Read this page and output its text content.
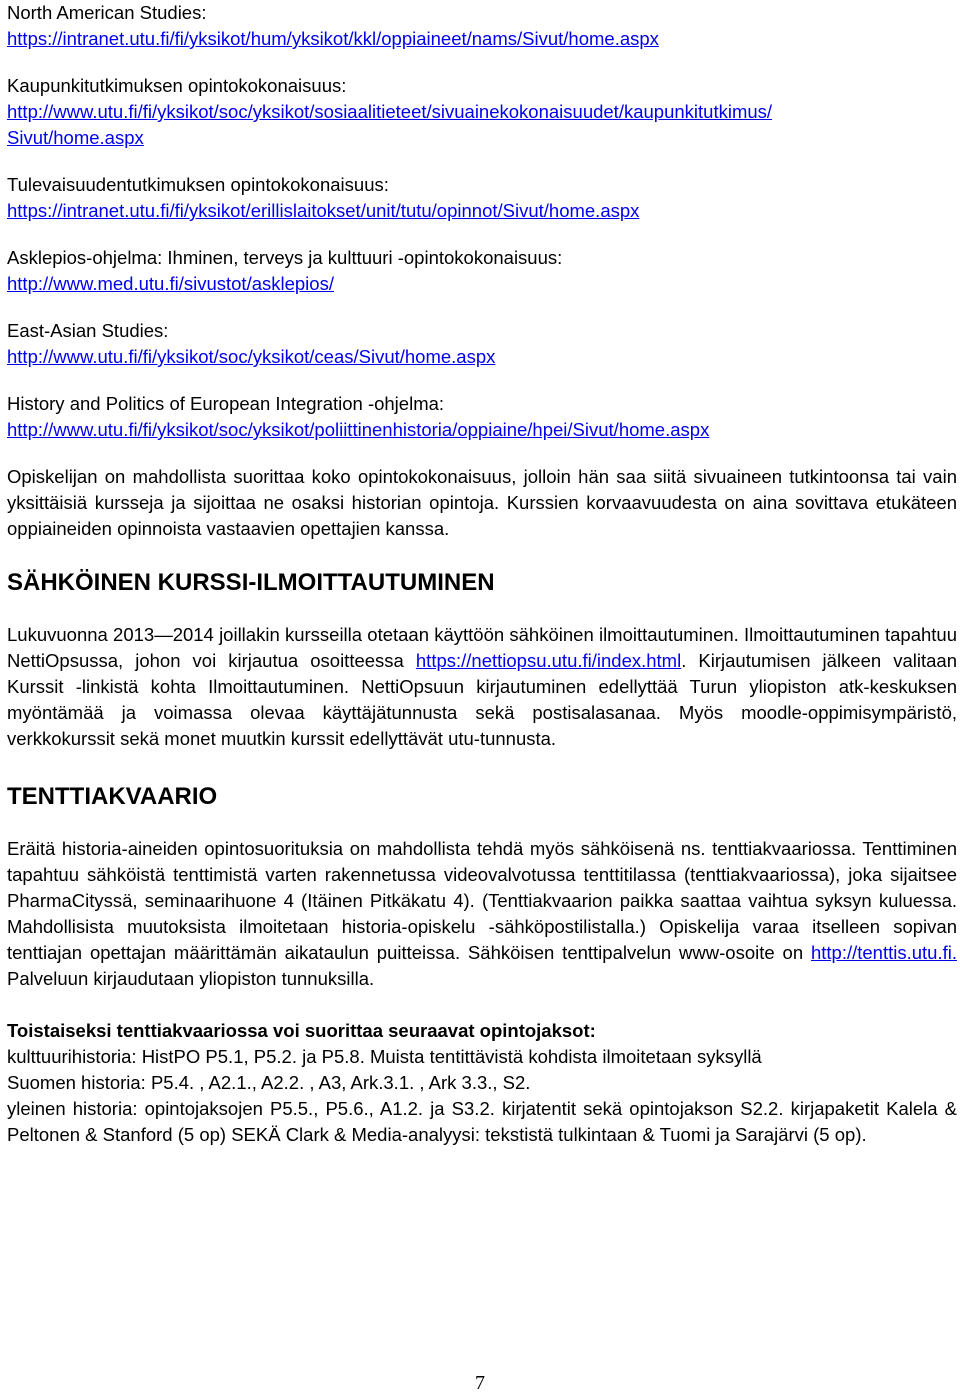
North American Studies:
https://intranet.utu.fi/fi/yksikot/hum/yksikot/kkl/oppiaineet/nams/Sivut/home.aspx
Kaupunkitutkimuksen opintokokonaisuus:
http://www.utu.fi/fi/yksikot/soc/yksikot/sosiaalitieteet/sivuainekokonaisuudet/kaupunkitutkimus/
Sivut/home.aspx
Tulevaisuudentutkimuksen opintokokonaisuus:
https://intranet.utu.fi/fi/yksikot/erillislaitokset/unit/tutu/opinnot/Sivut/home.aspx
Asklepios-ohjelma: Ihminen, terveys ja kulttuuri -opintokokonaisuus:
http://www.med.utu.fi/sivustot/asklepios/
East-Asian Studies:
http://www.utu.fi/fi/yksikot/soc/yksikot/ceas/Sivut/home.aspx
History and Politics of European Integration -ohjelma:
http://www.utu.fi/fi/yksikot/soc/yksikot/poliittinenhistoria/oppiaine/hpei/Sivut/home.aspx

Opiskelijan on mahdollista suorittaa koko opintokokonaisuus, jolloin hän saa siitä sivuaineen tutkintoonsa tai vain yksittäisiä kursseja ja sijoittaa ne osaksi historian opintoja. Kurssien korvaavuudesta on aina sovittava etukäteen oppiaineiden opinnoista vastaavien opettajien kanssa.

SÄHKÖINEN KURSSI-ILMOITTAUTUMINEN

Lukuvuonna 2013—2014 joillakin kursseilla otetaan käyttöön sähköinen ilmoittautuminen. Ilmoittautuminen tapahtuu NettiOpsussa, johon voi kirjautua osoitteessa https://nettiopsu.utu.fi/index.html. Kirjautumisen jälkeen valitaan Kurssit -linkistä kohta Ilmoittautuminen. NettiOpsuun kirjautuminen edellyttää Turun yliopiston atk-keskuksen myöntämää ja voimassa olevaa käyttäjätunnusta sekä postisalasanaa. Myös moodle-oppimisympäristö, verkkokurssit sekä monet muutkin kurssit edellyttävät utu-tunnusta.

TENTTIAKVAARIO

Eräitä historia-aineiden opintosuorituksia on mahdollista tehdä myös sähköisenä ns. tenttiakvaariossa. Tenttiminen tapahtuu sähköistä tenttimistä varten rakennetussa videovalvotussa tenttitilassa (tenttiakvaariossa), joka sijaitsee PharmaCityssä, seminaarihuone 4 (Itäinen Pitkäkatu 4). (Tenttiakvaarion paikka saattaa vaihtua syksyn kuluessa. Mahdollisista muutoksista ilmoitetaan historia-opiskelu -sähköpostilistalla.) Opiskelija varaa itselleen sopivan tenttiajan opettajan määrittämän aikataulun puitteissa. Sähköisen tenttipalvelun www-osoite on http://tenttis.utu.fi. Palveluun kirjaudutaan yliopiston tunnuksilla.

Toistaiseksi tenttiakvaariossa voi suorittaa seuraavat opintojaksot:
kulttuurihistoria: HistPO P5.1, P5.2. ja P5.8. Muista tentittävistä kohdista ilmoitetaan syksyllä
Suomen historia: P5.4. , A2.1., A2.2. , A3, Ark.3.1. , Ark 3.3., S2.
yleinen historia: opintojaksojen P5.5., P5.6., A1.2. ja S3.2. kirjatentit sekä opintojakson S2.2. kirjapaketit Kalela & Peltonen & Stanford (5 op) SEKÄ Clark & Media-analyysi: tekstistä tulkintaan & Tuomi ja Sarajärvi (5 op).
7
